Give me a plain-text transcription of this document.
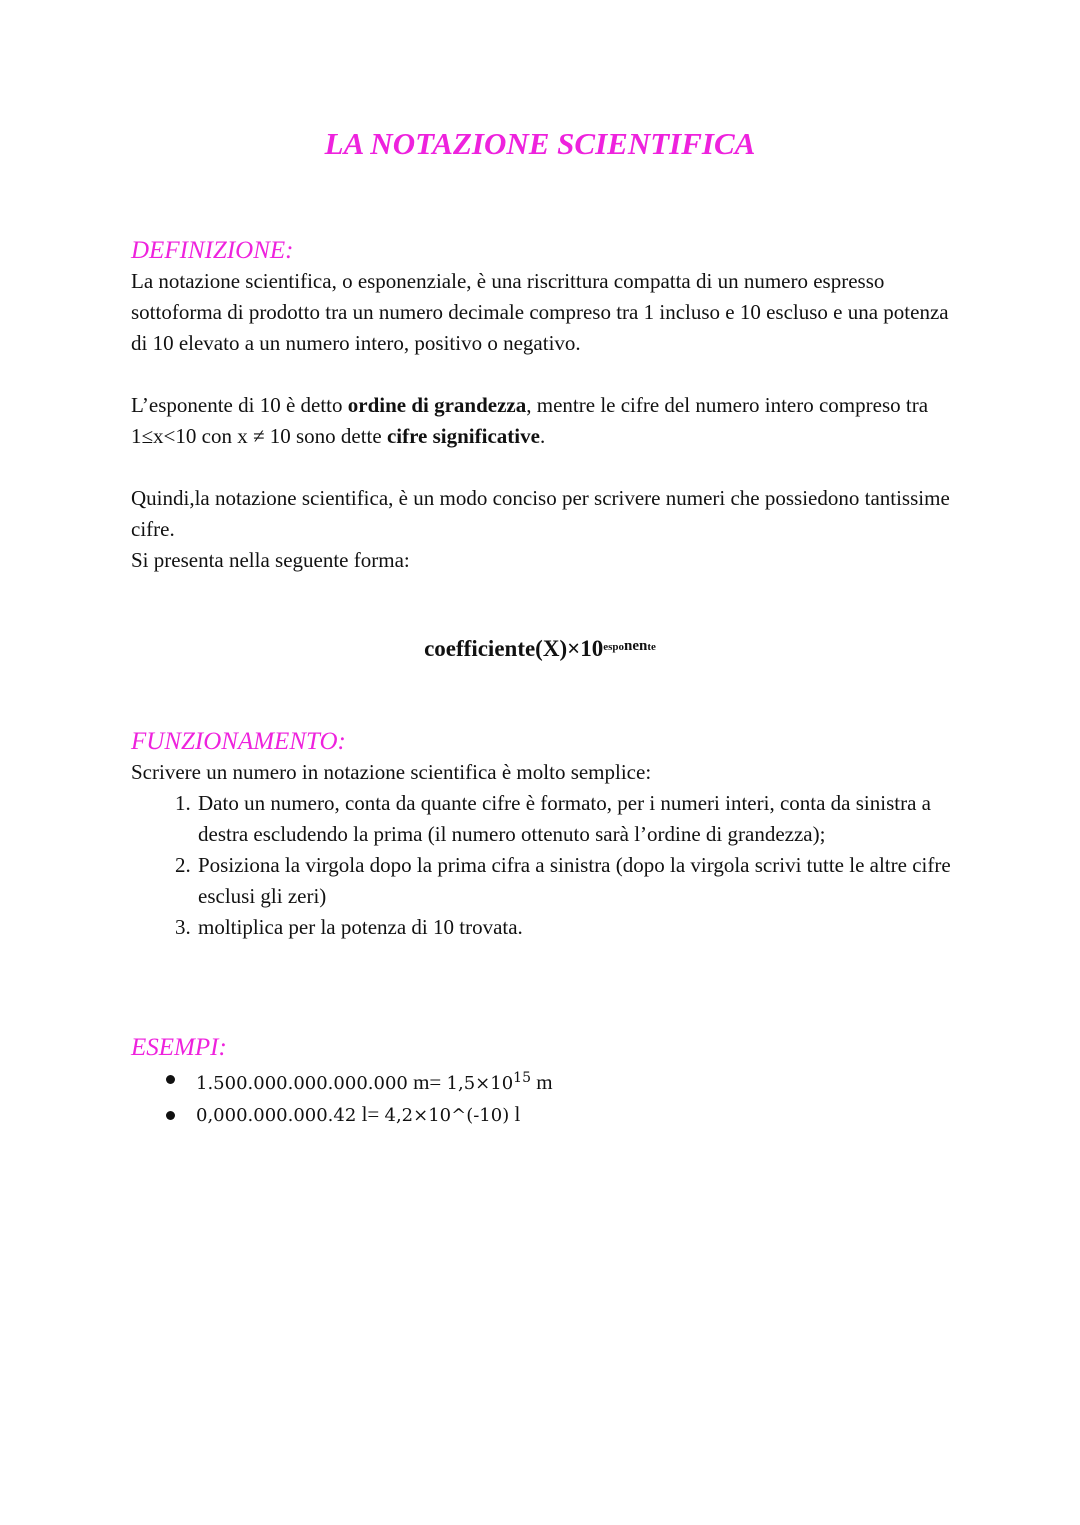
LA NOTAZIONE SCIENTIFICA
DEFINIZIONE:

La notazione scientifica, o esponenziale, è una riscrittura compatta di un numero espresso sottoforma di prodotto tra un numero decimale compreso tra 1 incluso e 10 escluso e una potenza di 10 elevato a un numero intero, positivo o negativo.

L’esponente di 10 è detto ordine di grandezza, mentre le cifre del numero intero compreso tra 1≤x<10 con x ≠ 10 sono dette cifre significative.

Quindi,la notazione scientifica, è un modo conciso per scrivere numeri che possiedono tantissime cifre.

Si presenta nella seguente forma:

$coefficiente(X)\times 10^{esponente}$
FUNZIONAMENTO:

Scrivere un numero in notazione scientifica è molto semplice:

1. Dato un numero, conta da quante cifre è formato, per i numeri interi, conta da sinistra a destra escludendo la prima (il numero ottenuto sarà l’ordine di grandezza);
2. Posiziona la virgola dopo la prima cifra a sinistra (dopo la virgola scrivi tutte le altre cifre esclusi gli zeri)
3. moltiplica per la potenza di 10 trovata.
ESEMPI:
1.500.000.000.000.000 $m= 1,5\times 10^{15}$ m
0,000.000.000.42 l= 4,2×10^(-10) l
